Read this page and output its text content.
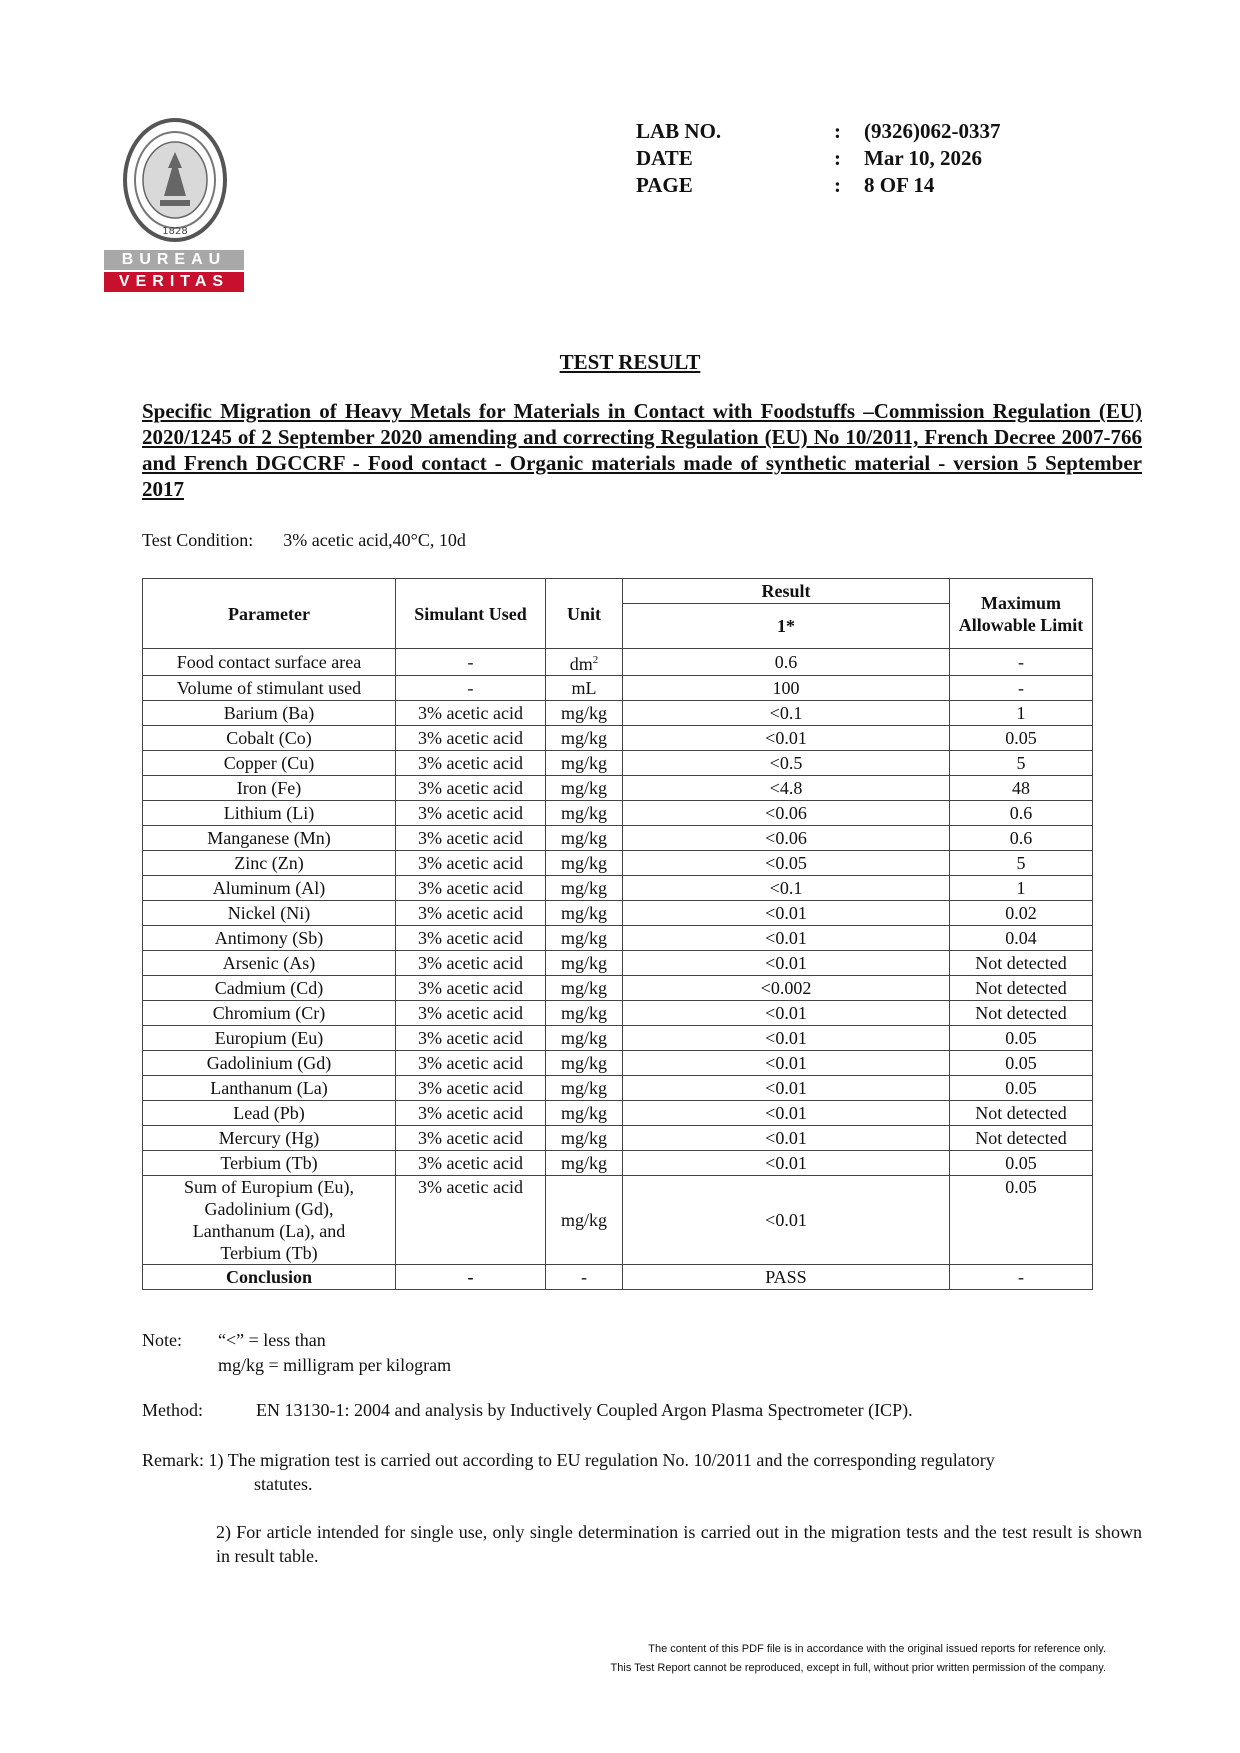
1828
BUREAU
VERITAS
LAB NO.	:	(9326)062-0337
DATE	:	Mar 10, 2026
PAGE	:	8 OF 14
TEST RESULT
Specific Migration of Heavy Metals for Materials in Contact with Foodstuffs –Commission Regulation (EU) 2020/1245 of 2 September 2020 amending and correcting Regulation (EU) No 10/2011, French Decree 2007-766 and French DGCCRF - Food contact - Organic materials made of synthetic material - version 5 September 2017
Test Condition: 3% acetic acid,40°C, 10d
Parameter	Simulant Used	Unit	Result	Maximum Allowable Limit
			1*	
Food contact surface area	-	$dm^2$	0.6	-
Volume of stimulant used	-	mL	100	-
Barium (Ba)	3% acetic acid	mg/kg	<0.1	1
Cobalt (Co)	3% acetic acid	mg/kg	<0.01	0.05
Copper (Cu)	3% acetic acid	mg/kg	<0.5	5
Iron (Fe)	3% acetic acid	mg/kg	<4.8	48
Lithium (Li)	3% acetic acid	mg/kg	<0.06	0.6
Manganese (Mn)	3% acetic acid	mg/kg	<0.06	0.6
Zinc (Zn)	3% acetic acid	mg/kg	<0.05	5
Aluminum (Al)	3% acetic acid	mg/kg	<0.1	1
Nickel (Ni)	3% acetic acid	mg/kg	<0.01	0.02
Antimony (Sb)	3% acetic acid	mg/kg	<0.01	0.04
Arsenic (As)	3% acetic acid	mg/kg	<0.01	Not detected
Cadmium (Cd)	3% acetic acid	mg/kg	<0.002	Not detected
Chromium (Cr)	3% acetic acid	mg/kg	<0.01	Not detected
Europium (Eu)	3% acetic acid	mg/kg	<0.01	0.05
Gadolinium (Gd)	3% acetic acid	mg/kg	<0.01	0.05
Lanthanum (La)	3% acetic acid	mg/kg	<0.01	0.05
Lead (Pb)	3% acetic acid	mg/kg	<0.01	Not detected
Mercury (Hg)	3% acetic acid	mg/kg	<0.01	Not detected
Terbium (Tb)	3% acetic acid	mg/kg	<0.01	0.05

Sum of Europium (Eu),
Gadolinium (Gd),
Lanthanum (La), and
Terbium (Tb)	3% acetic acid	mg/kg	<0.01	0.05
Conclusion	-	-	PASS	-
Note: “<” = less than
mg/kg = milligram per kilogram
Method:	EN 13130-1: 2004 and analysis by Inductively Coupled Argon Plasma Spectrometer (ICP).
Remark: 1) The migration test is carried out according to EU regulation No. 10/2011 and the corresponding regulatory
statutes.
2) For article intended for single use, only single determination is carried out in the migration tests and the test result is shown in result table.
The content of this PDF file is in accordance with the original issued reports for reference only.
This Test Report cannot be reproduced, except in full, without prior written permission of the company.
